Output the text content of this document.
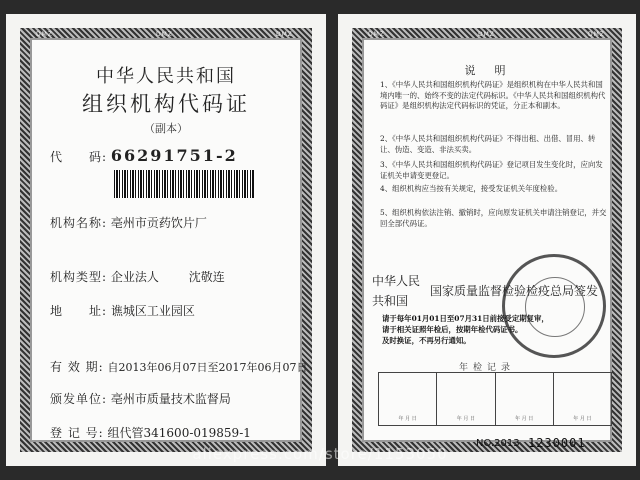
DMZ	DMZ	DMZ
中华人民共和国
组织机构代码证
（副本）
代　　码: 66291751-2
机构名称: 亳州市贡药饮片厂
机构类型: 企业法人 沈敬连
地　　址: 谯城区工业园区
有 效 期: 自2013年06月07日至2017年06月07日
颁发单位: 亳州市质量技术监督局
登 记 号: 组代管341600-019859-1
DMZ	DMZ	DMZ
说　明
1、《中华人民共和国组织机构代码证》是组织机构在中华人民共和国境内唯一的、始终不变的法定代码标识。《中华人民共和国组织机构代码证》是组织机构法定代码标识的凭证，分正本和副本。
2、《中华人民共和国组织机构代码证》不得出租、出借、冒用、转让、伪造、变造、非法买卖。
3、《中华人民共和国组织机构代码证》登记项目发生变化时，应向发证机关申请变更登记。
4、组织机构应当按有关规定，接受发证机关年度检验。
5、组织机构依法注销、撤销时，应向原发证机关申请注销登记，并交回全部代码证。
中华人民
共和国
国家质量监督检验检疫总局签发
请于每年01月01日至07月31日前接受定期复审，
请于相关证照年检后，按期年检代码证书。
及时换证，不再另行通知。
年检记录
年 月 日	年 月 日	年 月 日	年 月 日
NO.2013 1230001
aliexpress.com/store/1153050
